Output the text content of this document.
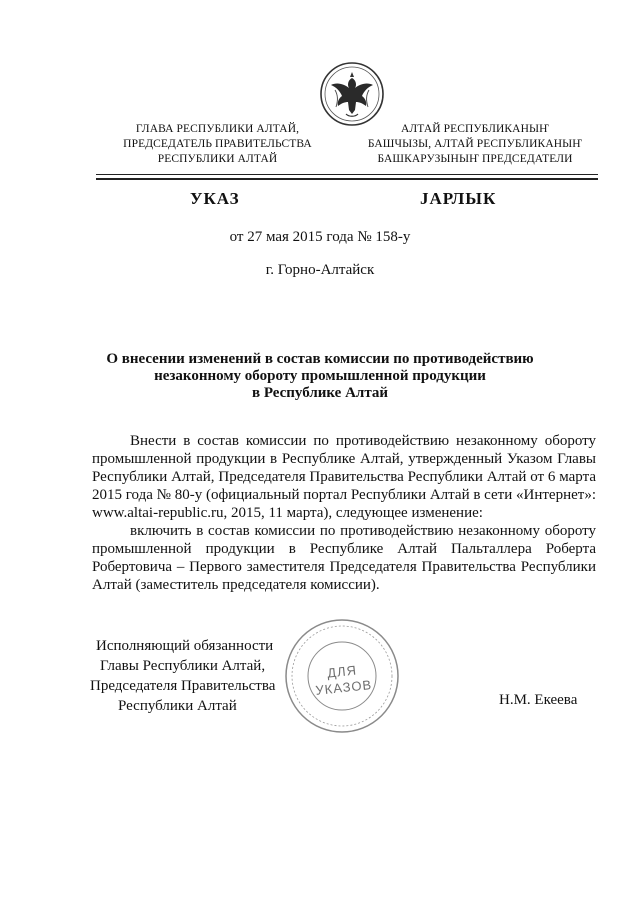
ГЛАВА РЕСПУБЛИКИ АЛТАЙ,
ПРЕДСЕДАТЕЛЬ ПРАВИТЕЛЬСТВА
РЕСПУБЛИКИ АЛТАЙ
АЛТАЙ РЕСПУБЛИКАНЫҤ
БАШЧЫЗЫ, АЛТАЙ РЕСПУБЛИКАНЫҤ
БАШКАРУЗЫНЫҤ ПРЕДСЕДАТЕЛИ
УКАЗ	JАРЛЫК
от 27 мая 2015 года № 158-у
г. Горно-Алтайск
О внесении изменений в состав комиссии по противодействию
незаконному обороту промышленной продукции
в Республике Алтай

Внести в состав комиссии по противодействию незаконному обороту промышленной продукции в Республике Алтай, утвержденный Указом Главы Республики Алтай, Председателя Правительства Республики Алтай от 6 марта 2015 года № 80-у (официальный портал Республики Алтай в сети «Интернет»: www.altai-republic.ru, 2015, 11 марта), следующее изменение:

включить в состав комиссии по противодействию незаконному обороту промышленной продукции в Республике Алтай Пальталлера Роберта Робертовича – Первого заместителя Председателя Правительства Республики Алтай (заместитель председателя комиссии).

ДЛЯ
УКАЗОВ
Исполняющий обязанности
Главы Республики Алтай,
Председателя Правительства
Республики Алтай	Н.М. Екеева
